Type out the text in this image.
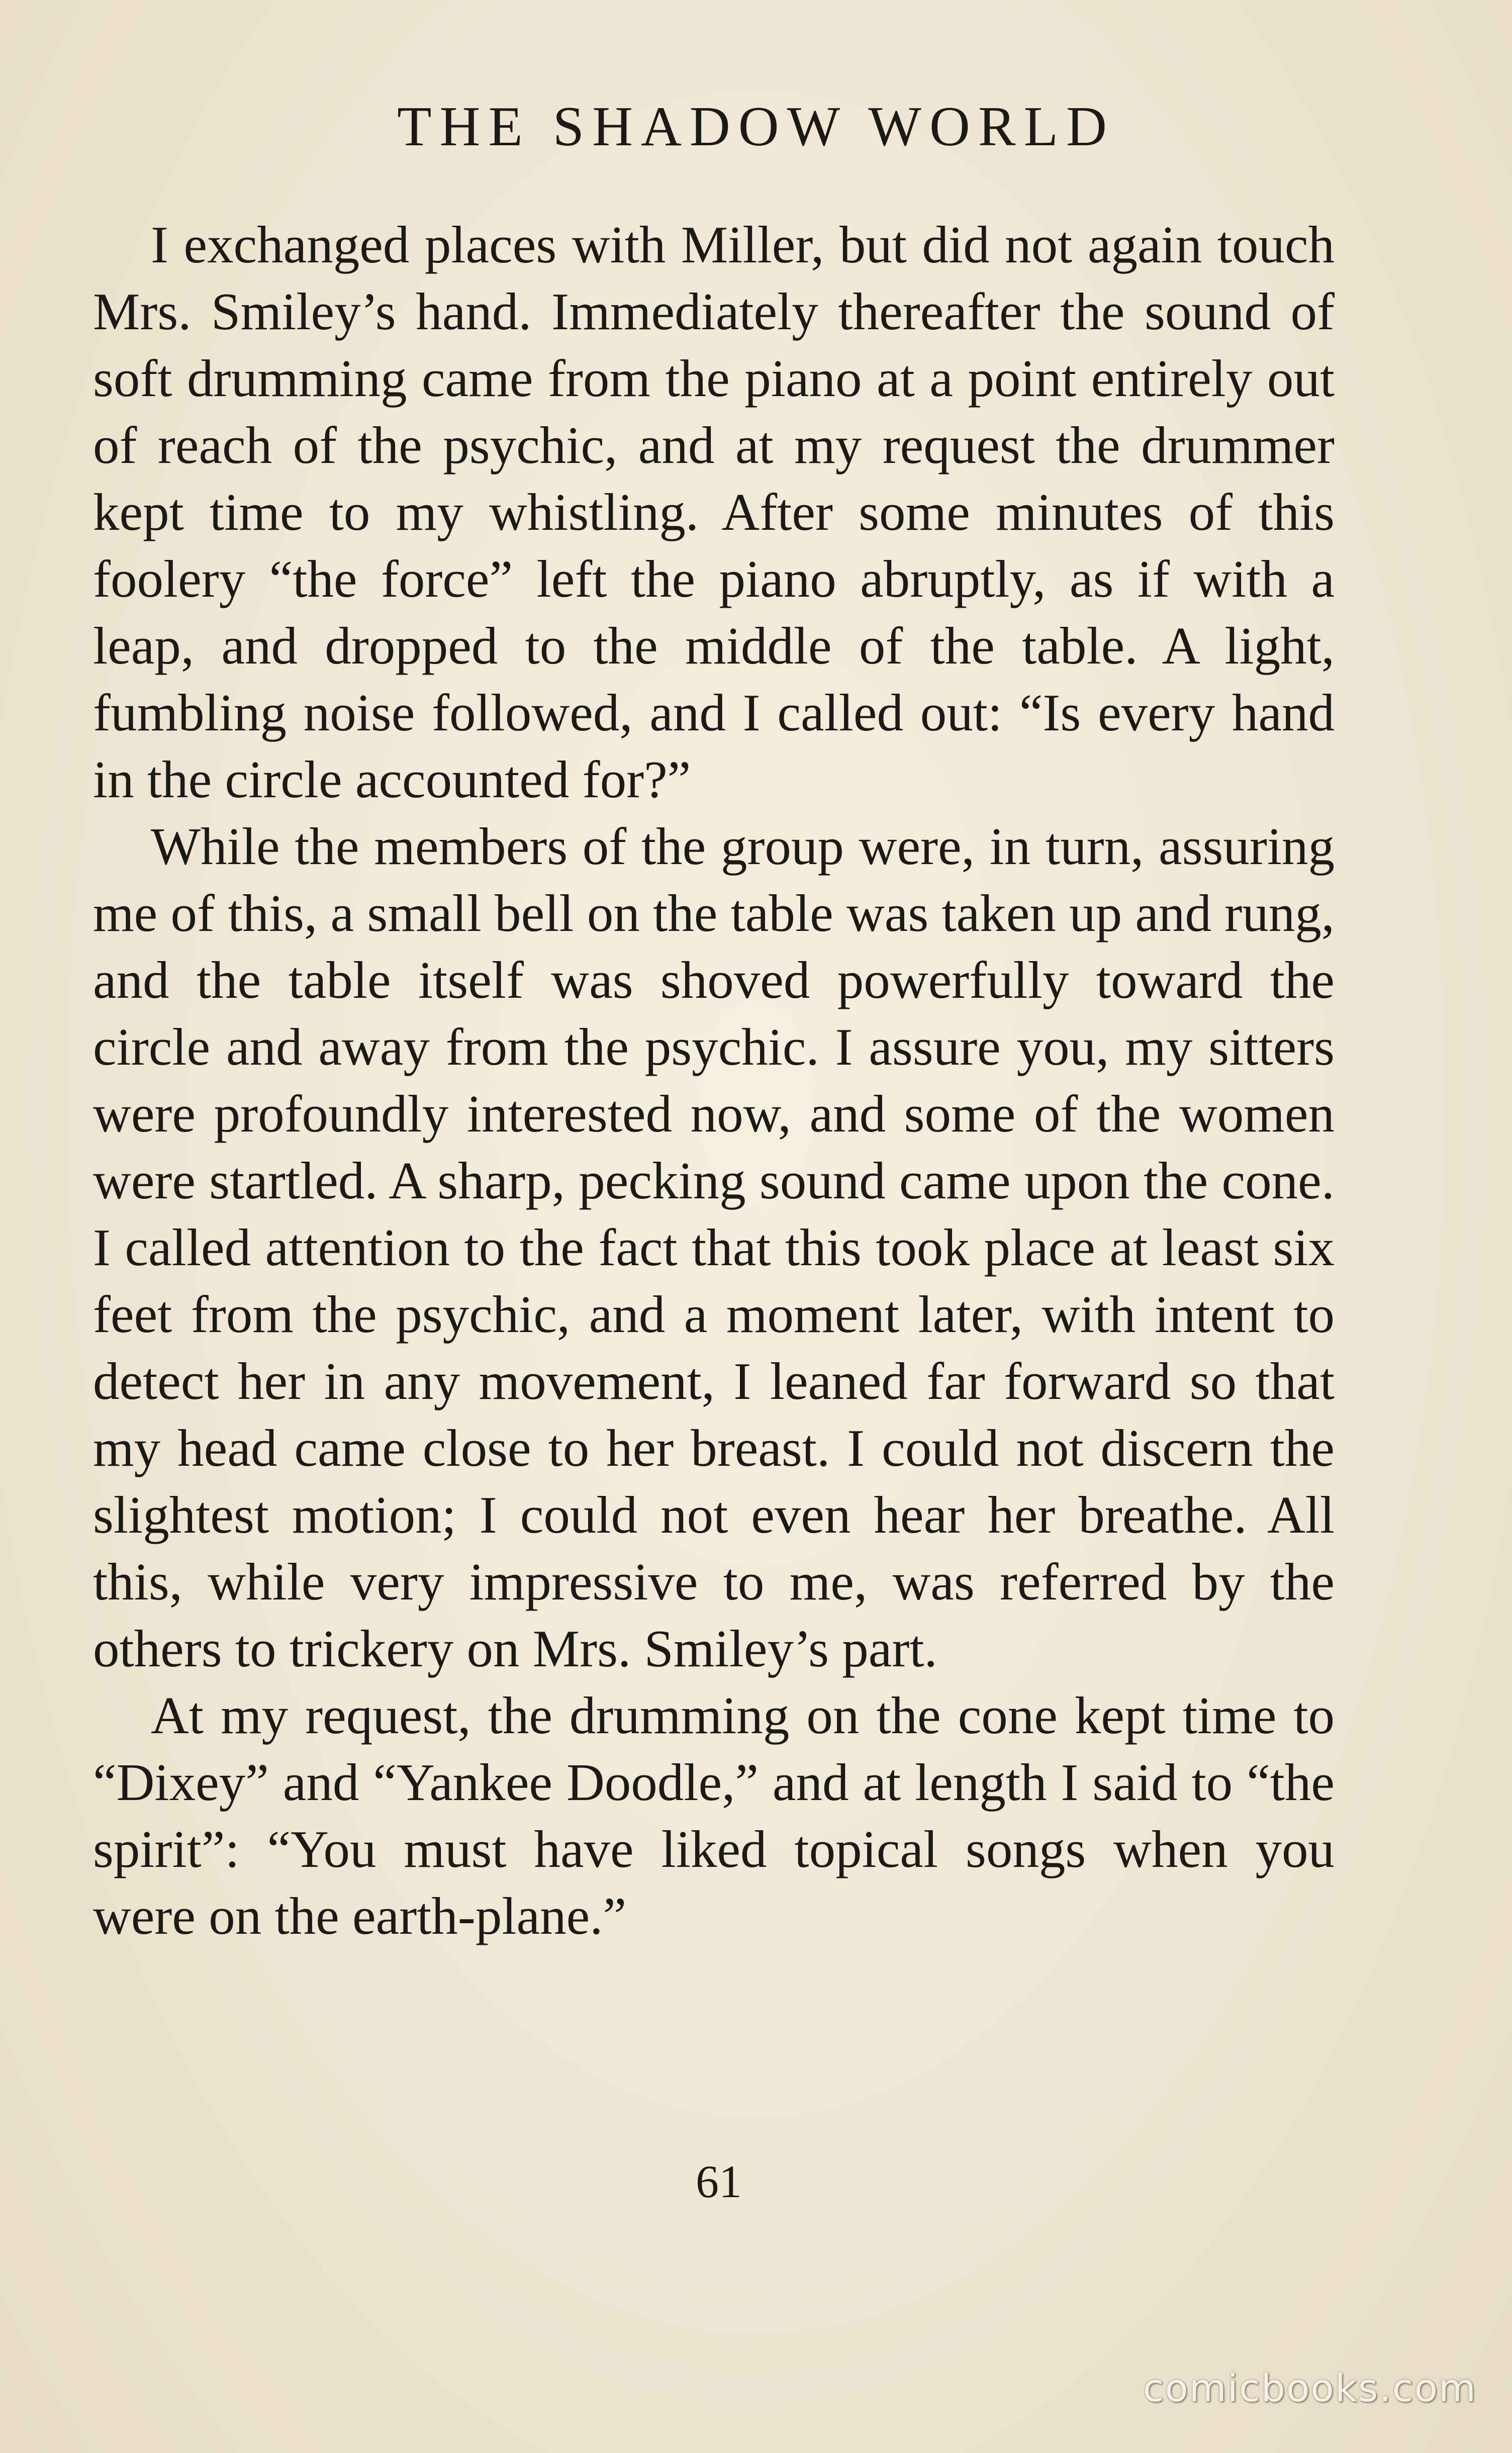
THE SHADOW WORLD

I exchanged places with Miller, but did not again touch Mrs. Smiley’s hand. Immediately thereafter the sound of soft drumming came from the piano at a point entirely out of reach of the psychic, and at my request the drummer kept time to my whistling. After some minutes of this foolery “the force” left the piano abruptly, as if with a leap, and dropped to the middle of the table. A light, fumbling noise followed, and I called out: “Is every hand in the circle accounted for?”

While the members of the group were, in turn, assuring me of this, a small bell on the table was taken up and rung, and the table itself was shoved powerfully toward the circle and away from the psychic. I assure you, my sitters were profoundly interested now, and some of the women were startled. A sharp, pecking sound came upon the cone. I called attention to the fact that this took place at least six feet from the psychic, and a moment later, with intent to detect her in any movement, I leaned far forward so that my head came close to her breast. I could not discern the slightest motion; I could not even hear her breathe. All this, while very impressive to me, was referred by the others to trickery on Mrs. Smiley’s part.

At my request, the drumming on the cone kept time to “Dixey” and “Yankee Doodle,” and at length I said to “the spirit”: “You must have liked topical songs when you were on the earth-plane.”

61
comicbooks.com
